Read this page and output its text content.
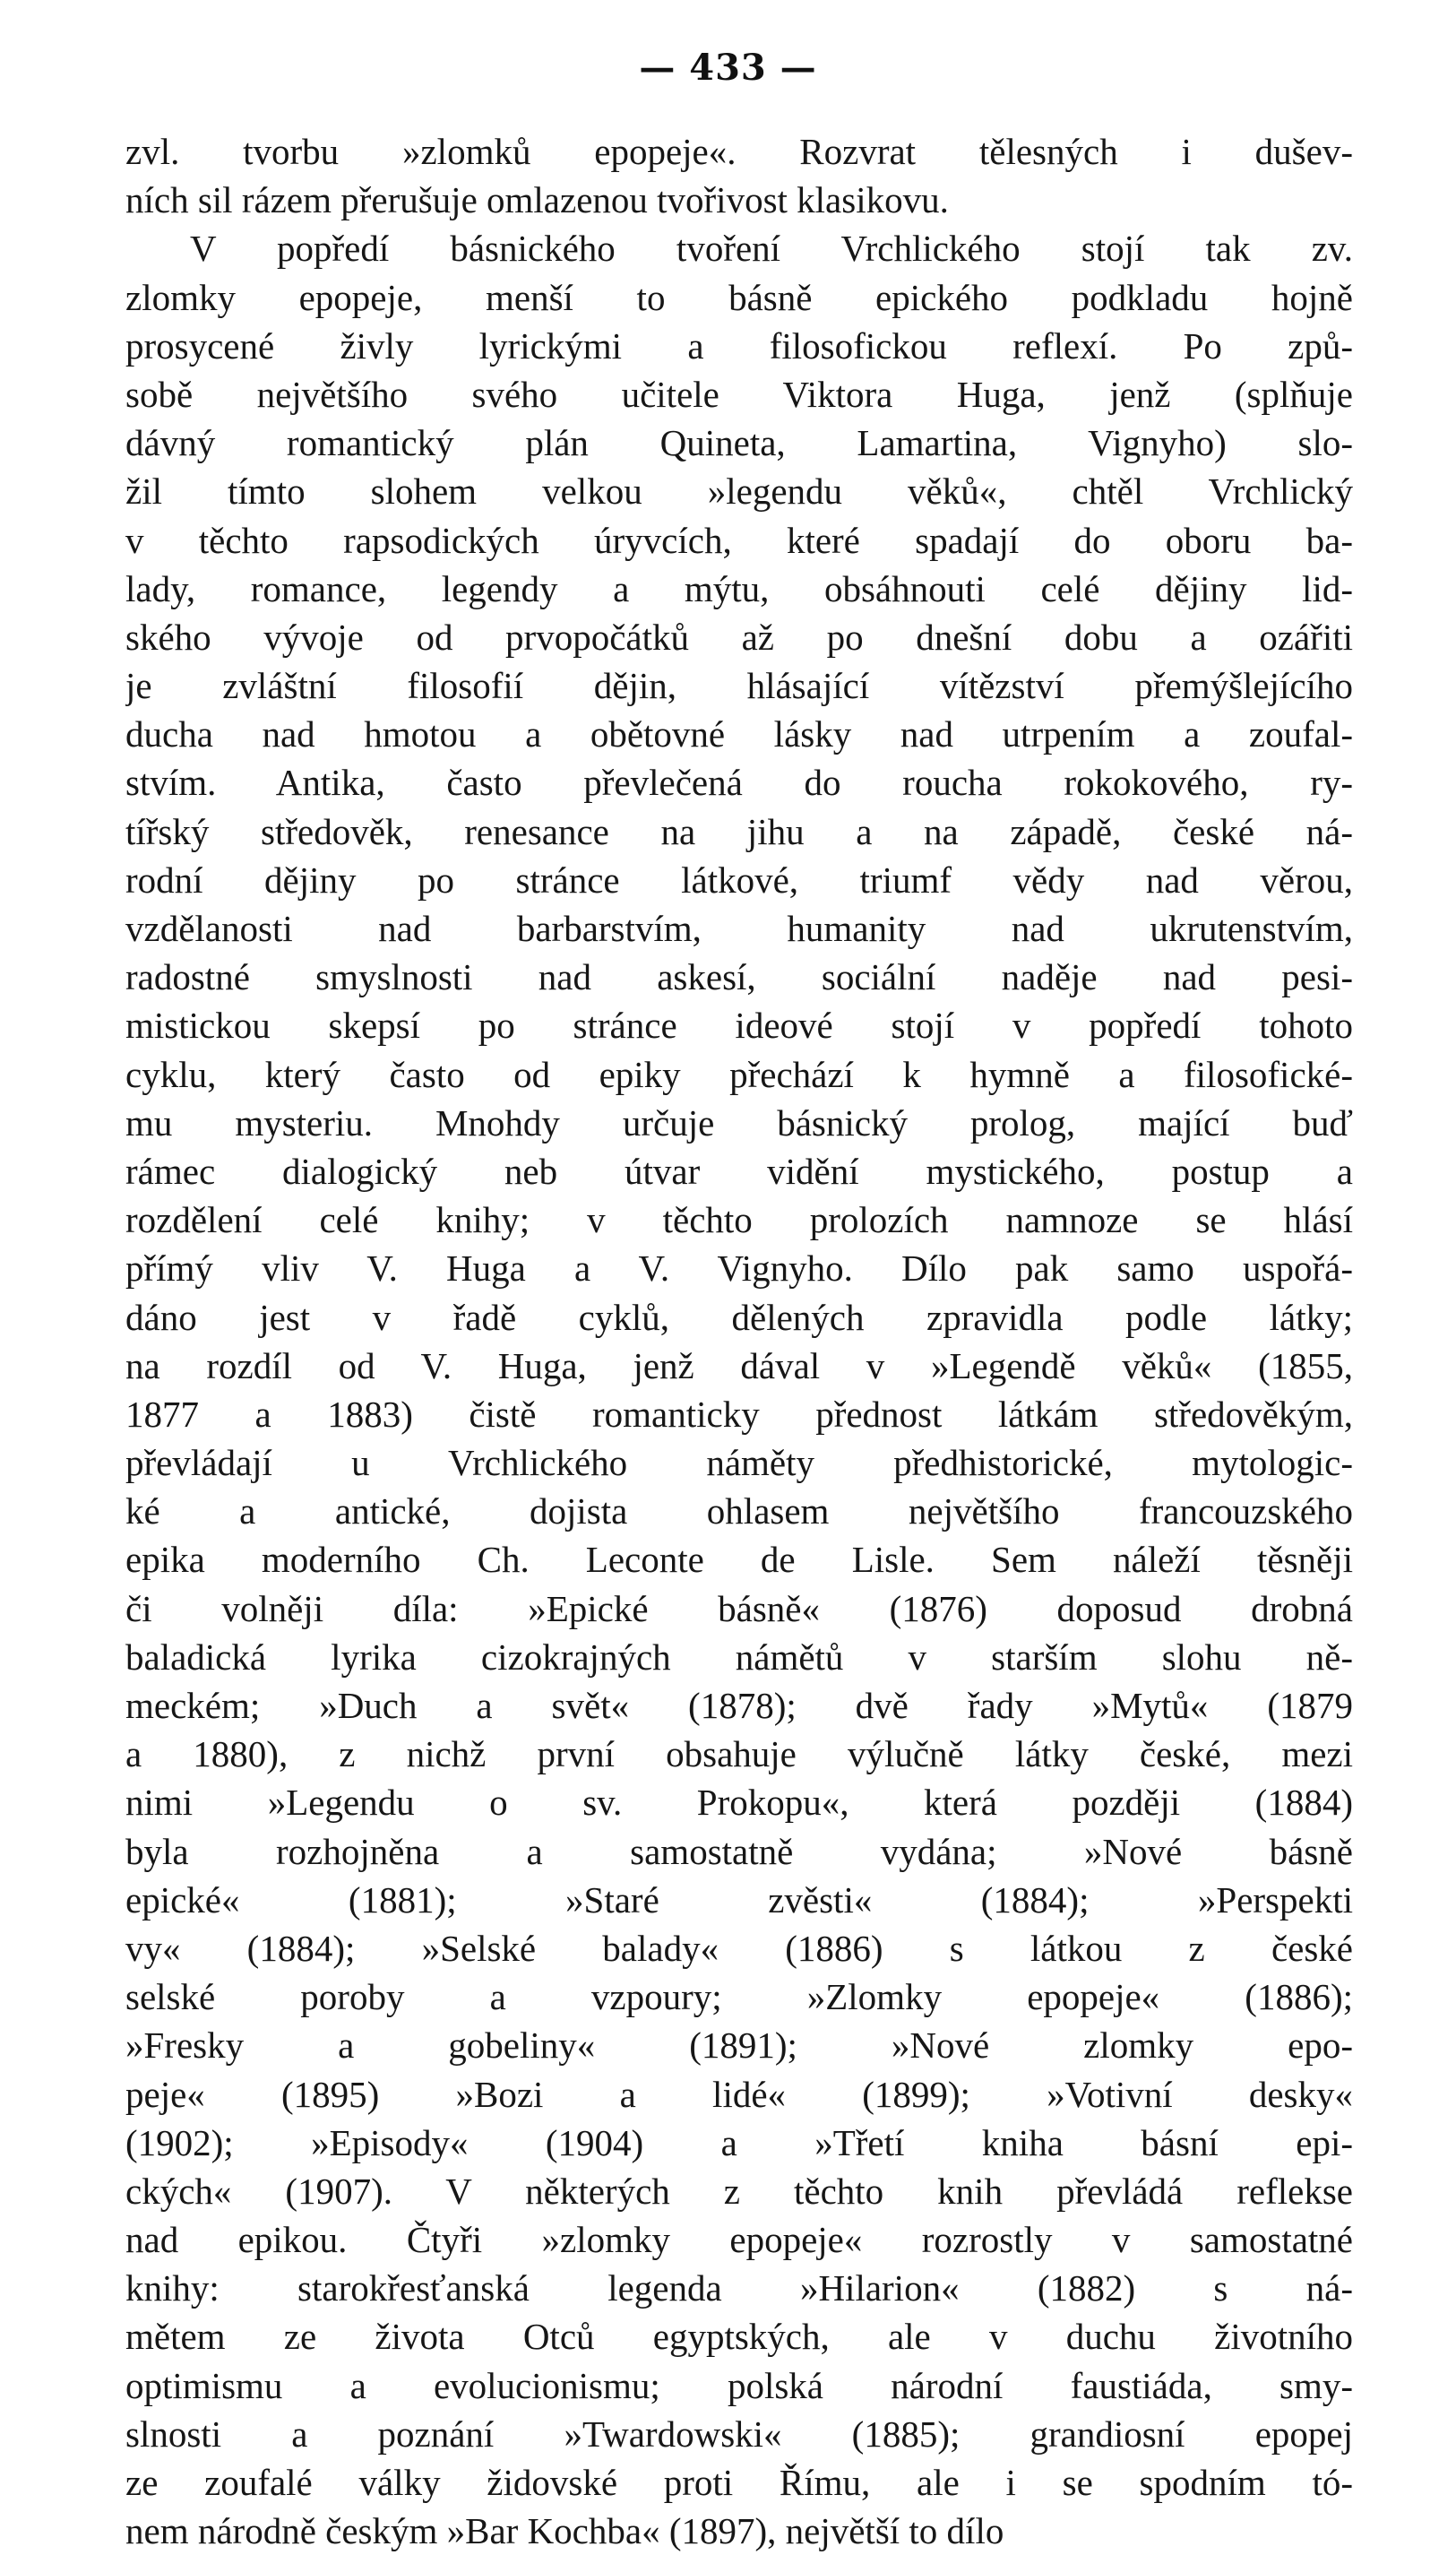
— 433 —
zvl. tvorbu »zlomků epopeje«. Rozvrat tělesných i dušev-
ních sil rázem přerušuje omlazenou tvořivost klasikovu.
V popředí básnického tvoření Vrchlického stojí tak zv.
zlomky epopeje, menší to básně epického podkladu hojně
prosycené živly lyrickými a filosofickou reflexí. Po způ-
sobě největšího svého učitele Viktora Huga, jenž (splňuje
dávný romantický plán Quineta, Lamartina, Vignyho) slo-
žil tímto slohem velkou »legendu věků«, chtěl Vrchlický
v těchto rapsodických úryvcích, které spadají do oboru ba-
lady, romance, legendy a mýtu, obsáhnouti celé dějiny lid-
ského vývoje od prvopočátků až po dnešní dobu a ozářiti
je zvláštní filosofií dějin, hlásající vítězství přemýšlejícího
ducha nad hmotou a obětovné lásky nad utrpením a zoufal-
stvím. Antika, často převlečená do roucha rokokového, ry-
tířský středověk, renesance na jihu a na západě, české ná-
rodní dějiny po stránce látkové, triumf vědy nad věrou,
vzdělanosti nad barbarstvím, humanity nad ukrutenstvím,
radostné smyslnosti nad askesí, sociální naděje nad pesi-
mistickou skepsí po stránce ideové stojí v popředí tohoto
cyklu, který často od epiky přechází k hymně a filosofické-
mu mysteriu. Mnohdy určuje básnický prolog, mající buď
rámec dialogický neb útvar vidění mystického, postup a
rozdělení celé knihy; v těchto prolozích namnoze se hlásí
přímý vliv V. Huga a V. Vignyho. Dílo pak samo uspořá-
dáno jest v řadě cyklů, dělených zpravidla podle látky;
na rozdíl od V. Huga, jenž dával v »Legendě věků« (1855,
1877 a 1883) čistě romanticky přednost látkám středověkým,
převládají u Vrchlického náměty předhistorické, mytologic-
ké a antické, dojista ohlasem největšího francouzského
epika moderního Ch. Leconte de Lisle. Sem náleží těsněji
či volněji díla: »Epické básně« (1876) doposud drobná
baladická lyrika cizokrajných námětů v starším slohu ně-
meckém; »Duch a svět« (1878); dvě řady »Mytů« (1879
a 1880), z nichž první obsahuje výlučně látky české, mezi
nimi »Legendu o sv. Prokopu«, která později (1884)
byla rozhojněna a samostatně vydána; »Nové básně
epické« (1881); »Staré zvěsti« (1884); »Perspekti
vy« (1884); »Selské balady« (1886) s látkou z české
selské poroby a vzpoury; »Zlomky epopeje« (1886);
»Fresky a gobeliny« (1891); »Nové zlomky epo-
peje« (1895) »Bozi a lidé« (1899); »Votivní desky«
(1902); »Episody« (1904) a »Třetí kniha básní epi-
ckých« (1907). V některých z těchto knih převládá reflekse
nad epikou. Čtyři »zlomky epopeje« rozrostly v samostatné
knihy: starokřesťanská legenda »Hilarion« (1882) s ná-
mětem ze života Otců egyptských, ale v duchu životního
optimismu a evolucionismu; polská národní faustiáda, smy-
slnosti a poznání »Twardowski« (1885); grandiosní epopej
ze zoufalé války židovské proti Římu, ale i se spodním tó-
nem národně českým »Bar Kochba« (1897), největší to dílo
